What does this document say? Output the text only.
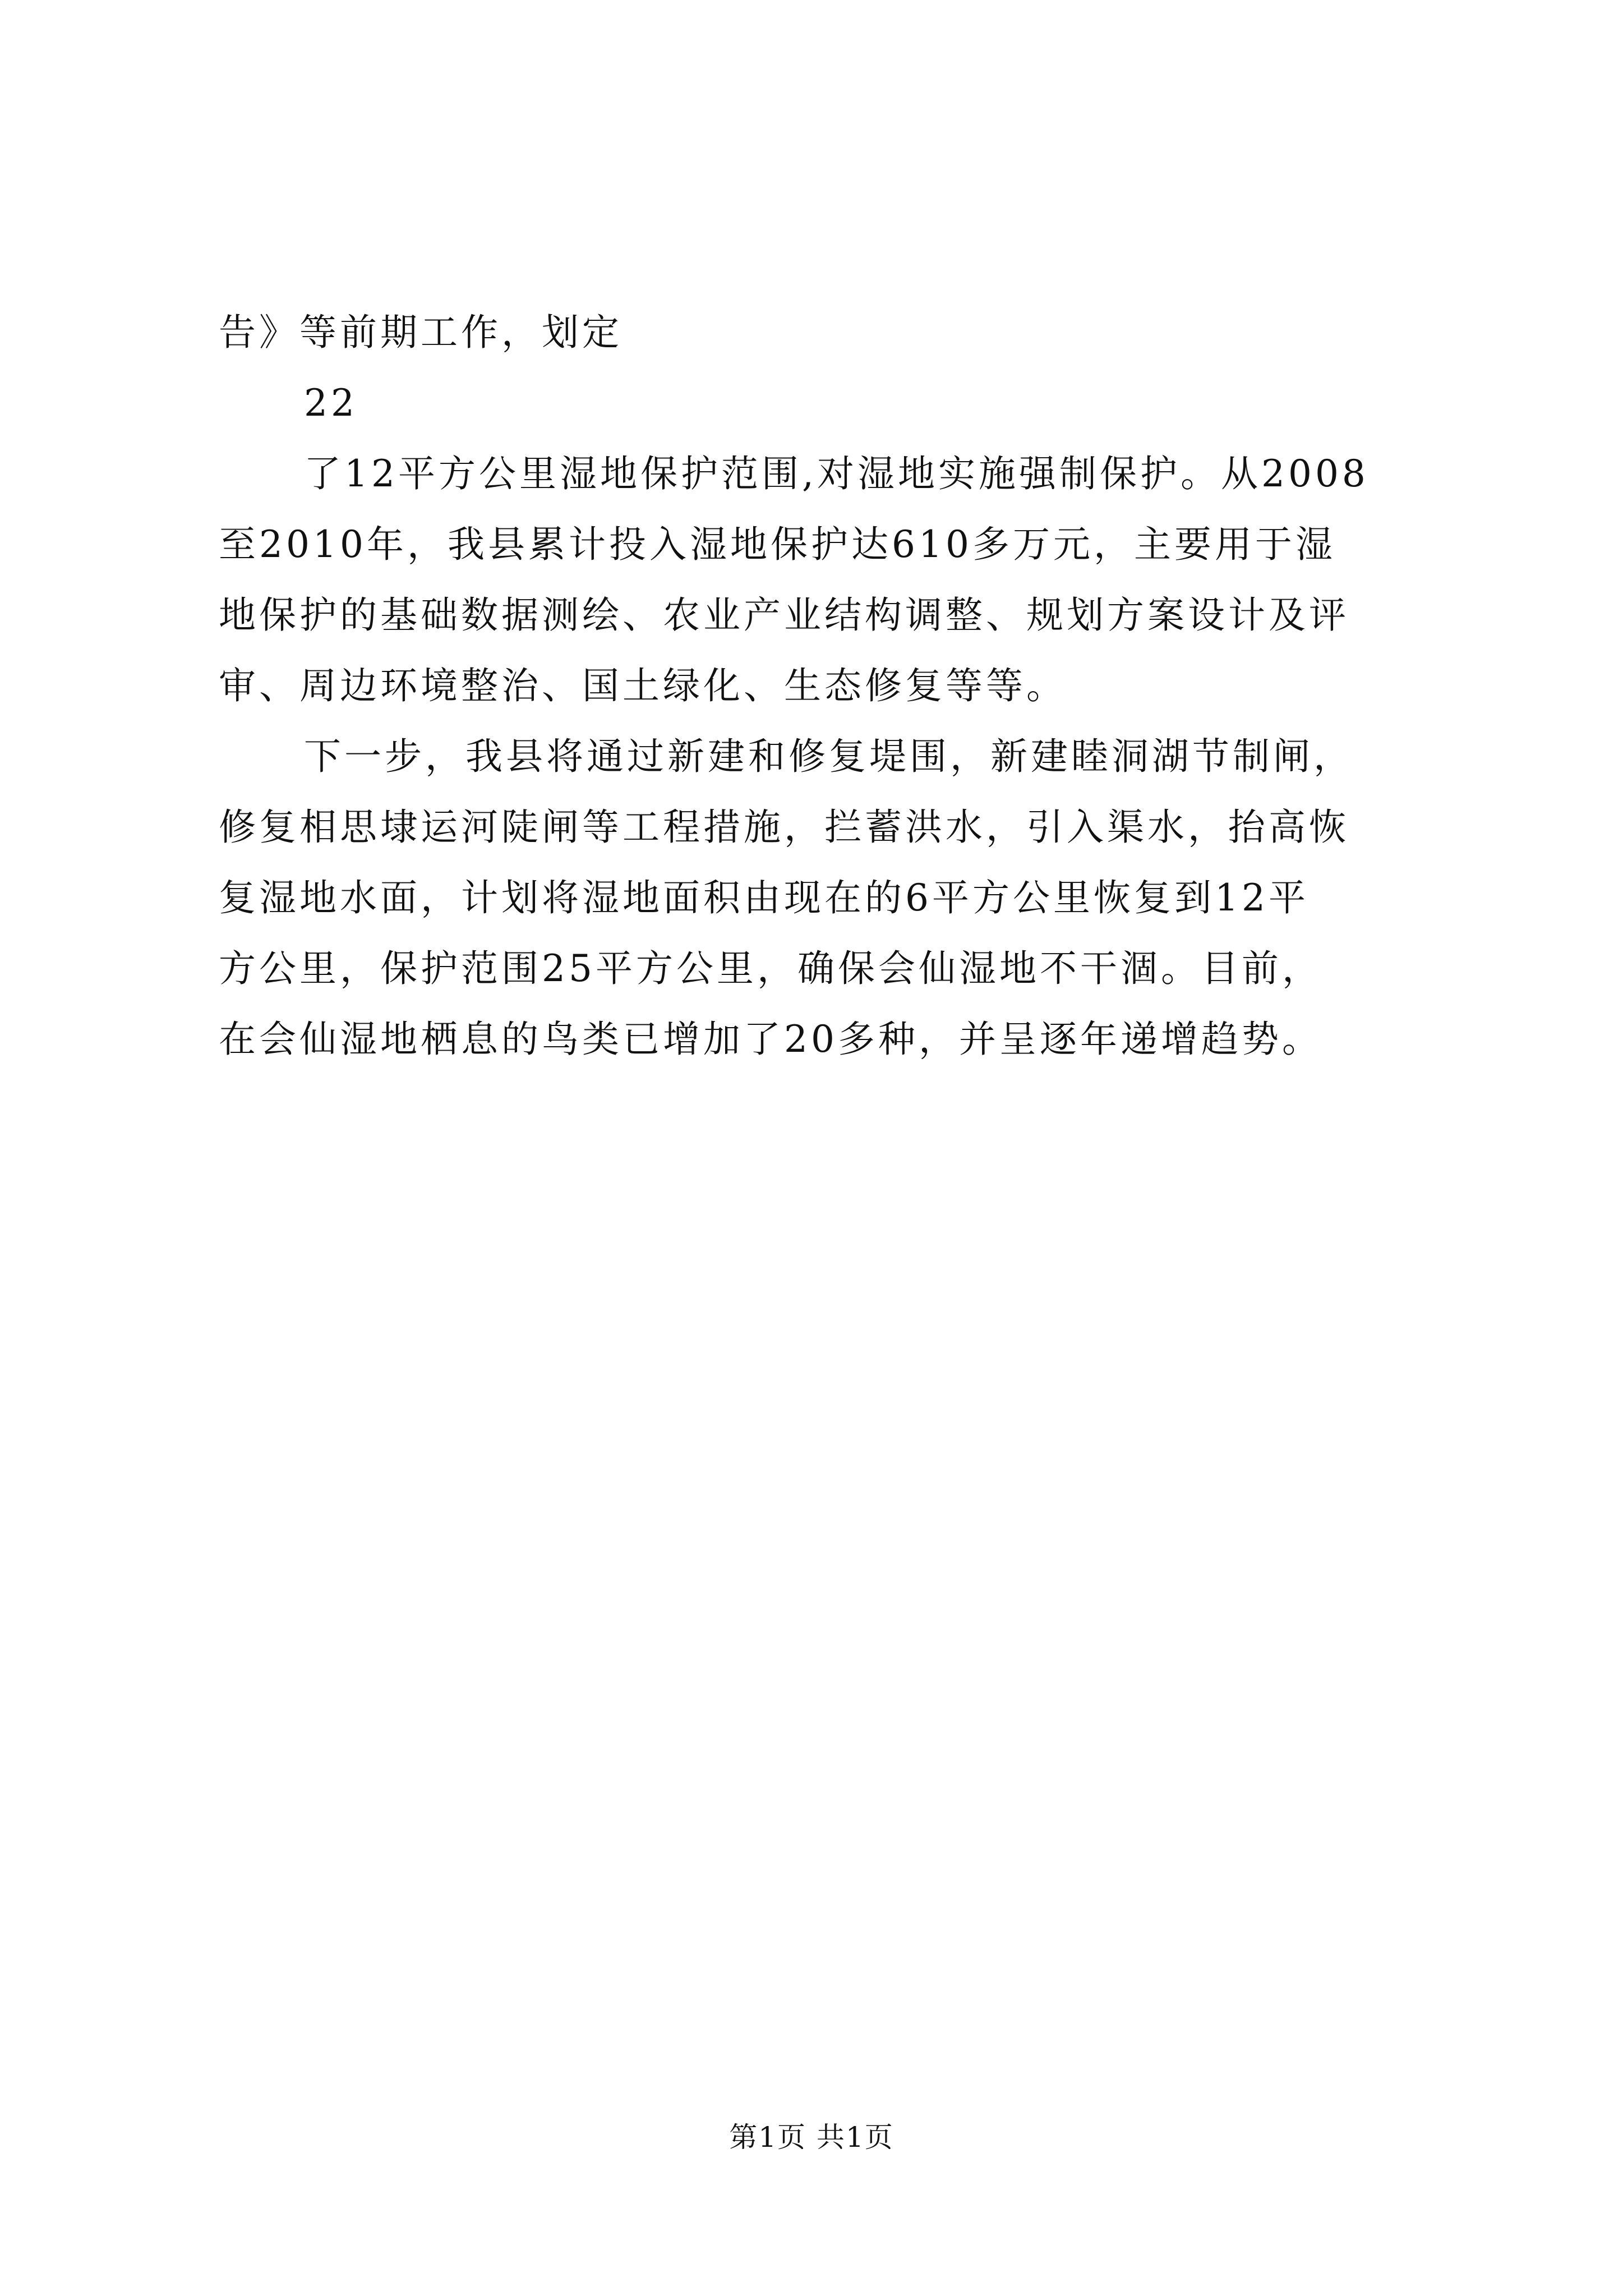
告》等前期工作，划定
22
了12平方公里湿地保护范围,对湿地实施强制保护。从2008
至2010年，我县累计投入湿地保护达610多万元，主要用于湿
地保护的基础数据测绘、农业产业结构调整、规划方案设计及评
审、周边环境整治、国土绿化、生态修复等等。
下一步，我县将通过新建和修复堤围，新建睦洞湖节制闸，
修复相思埭运河陡闸等工程措施，拦蓄洪水，引入渠水，抬高恢
复湿地水面，计划将湿地面积由现在的6平方公里恢复到12平
方公里，保护范围25平方公里，确保会仙湿地不干涸。目前，
在会仙湿地栖息的鸟类已增加了20多种，并呈逐年递增趋势。
第1页 共1页
